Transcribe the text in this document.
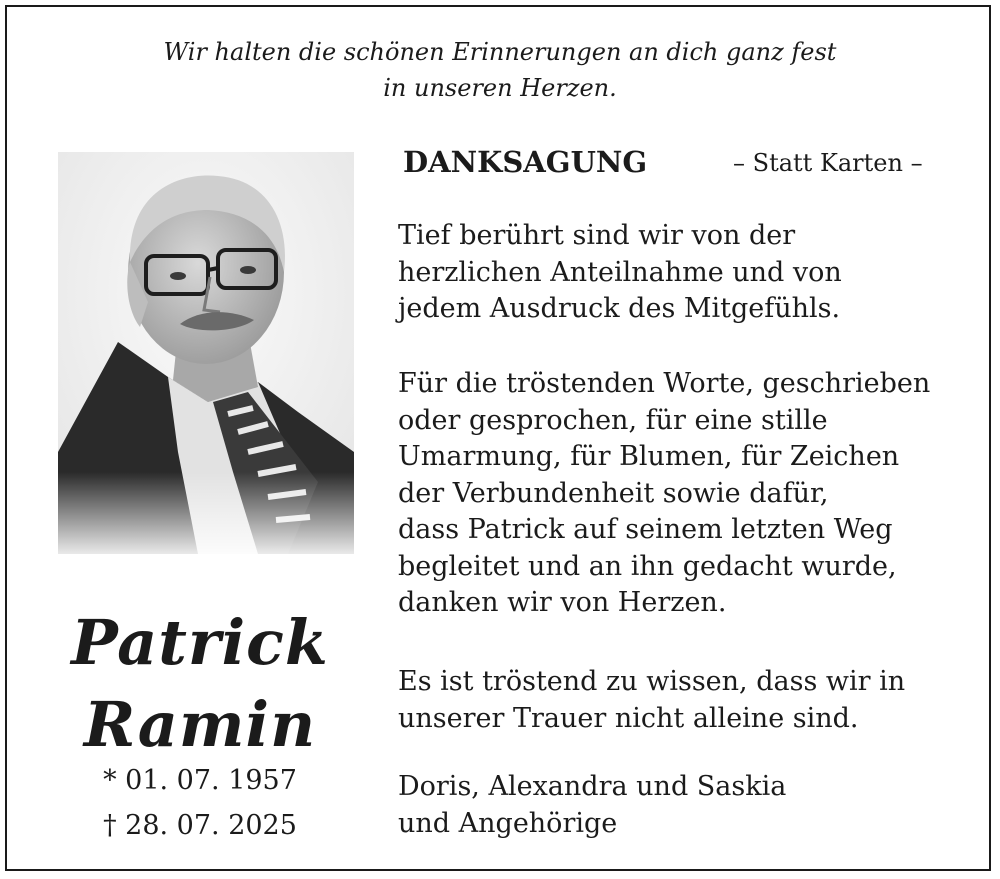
Wir halten die schönen Erinnerungen an dich ganz fest
in unseren Herzen.
Patrick
Ramin
* 01. 07. 1957
† 28. 07. 2025
DANKSAGUNG	– Statt Karten –
Tief berührt sind wir von der
herzlichen Anteilnahme und von
jedem Ausdruck des Mitgefühls.
Für die tröstenden Worte, geschrieben
oder gesprochen, für eine stille
Umarmung, für Blumen, für Zeichen
der Verbundenheit sowie dafür,
dass Patrick auf seinem letzten Weg
begleitet und an ihn gedacht wurde,
danken wir von Herzen.
Es ist tröstend zu wissen, dass wir in
unserer Trauer nicht alleine sind.
Doris, Alexandra und Saskia
und Angehörige
